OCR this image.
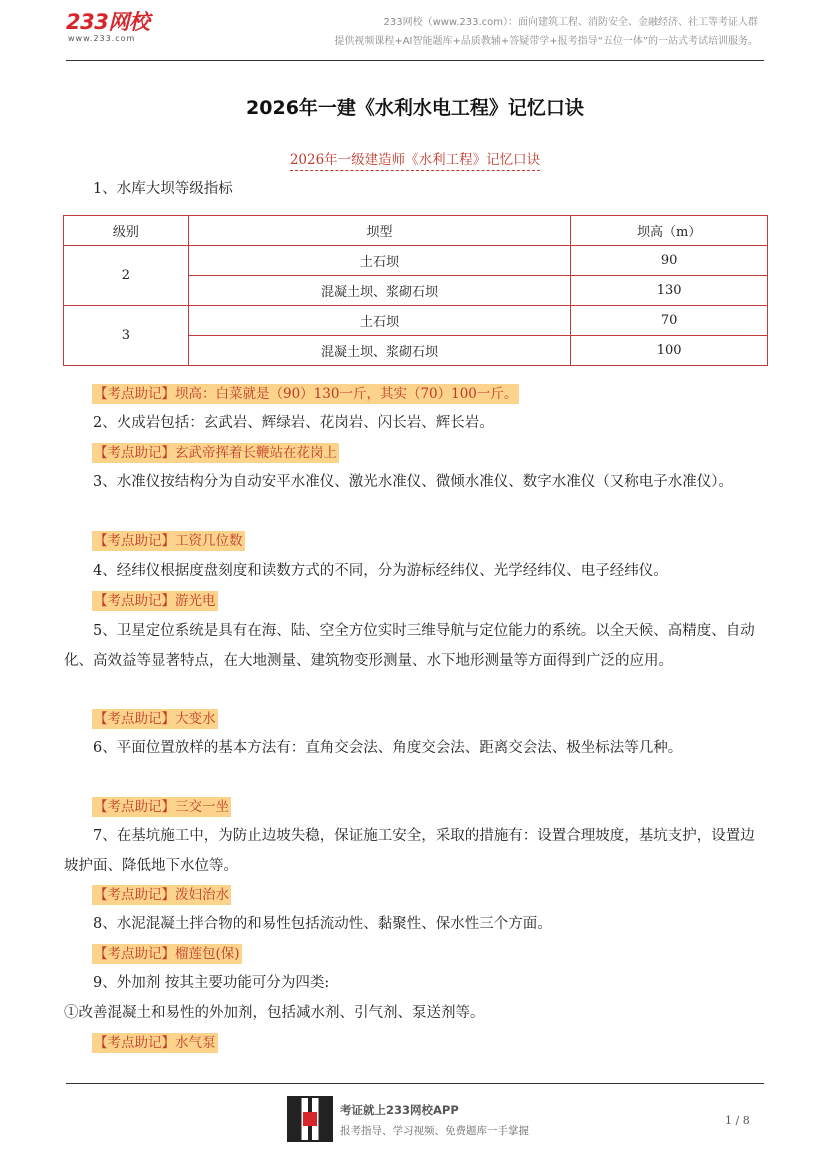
233网校
www.233.com
233网校（www.233.com）：面向建筑工程、消防安全、金融经济、社工等考证人群
提供视频课程+AI智能题库+品质教辅+答疑带学+报考指导“五位一体”的一站式考试培训服务。
2026年一建《水利水电工程》记忆口诀
2026年一级建造师《水利工程》记忆口诀
1、水库大坝等级指标
级别	坝型	坝高（m）
2	土石坝	90
	混凝土坝、浆砌石坝	130
3	土石坝	70
	混凝土坝、浆砌石坝	100
【考点助记】坝高：白菜就是（90）130一斤，其实（70）100一斤。
2、火成岩包括：玄武岩、辉绿岩、花岗岩、闪长岩、辉长岩。
【考点助记】玄武帝挥着长鞭站在花岗上
3、水准仪按结构分为自动安平水准仪、激光水准仪、微倾水准仪、数字水准仪（又称电子水准仪）。
【考点助记】工资几位数
4、经纬仪根据度盘刻度和读数方式的不同，分为游标经纬仪、光学经纬仪、电子经纬仪。
【考点助记】游光电
5、卫星定位系统是具有在海、陆、空全方位实时三维导航与定位能力的系统。以全天候、高精度、自动化、高效益等显著特点，在大地测量、建筑物变形测量、水下地形测量等方面得到广泛的应用。
【考点助记】大变水
6、平面位置放样的基本方法有：直角交会法、角度交会法、距离交会法、极坐标法等几种。
【考点助记】三交一坐
7、在基坑施工中，为防止边坡失稳，保证施工安全，采取的措施有：设置合理坡度，基坑支护，设置边坡护面、降低地下水位等。
【考点助记】泼妇治水
8、水泥混凝土拌合物的和易性包括流动性、黏聚性、保水性三个方面。
【考点助记】榴莲包(保)
9、外加剂 按其主要功能可分为四类:
①改善混凝土和易性的外加剂，包括减水剂、引气剂、泵送剂等。
【考点助记】水气泵
考证就上233网校APP
报考指导、学习视频、免费题库一手掌握
1 / 8
